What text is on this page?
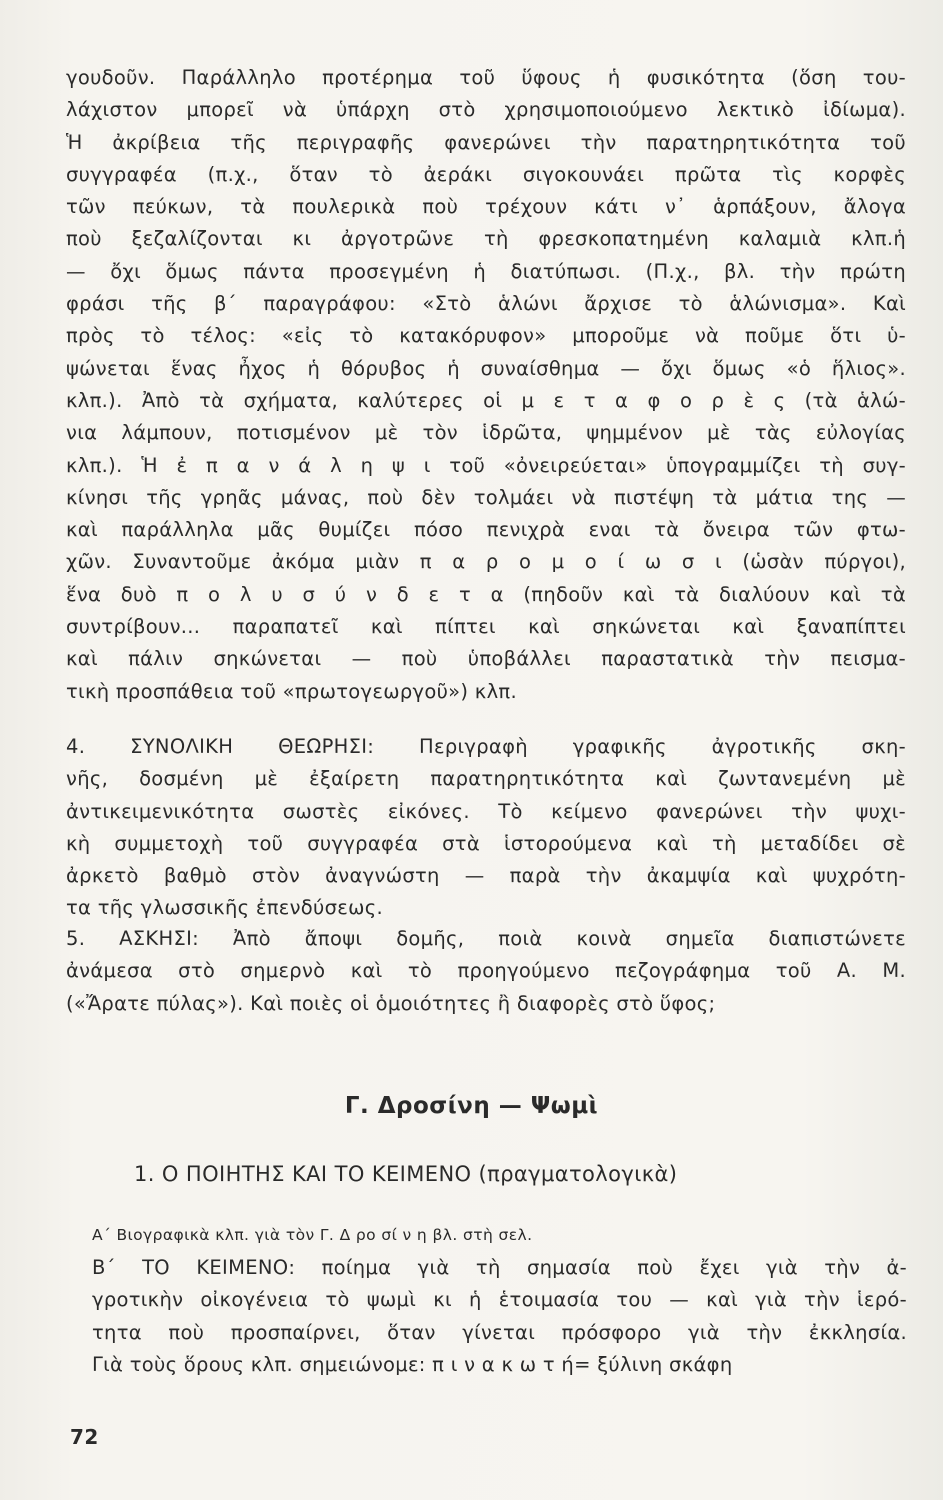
γουδοῦν. Παράλληλο προτέρημα τοῦ ὕφους ἡ φυσικότητα (ὅση του-
λάχιστον μπορεῖ νὰ ὑπάρχη στὸ χρησιμοποιούμενο λεκτικὸ ἰδίωμα).
Ἡ ἀκρίβεια τῆς περιγραφῆς φανερώνει τὴν παρατηρητικότητα τοῦ
συγγραφέα (π.χ., ὅταν τὸ ἀεράκι σιγοκουνάει πρῶτα τὶς κορφὲς
τῶν πεύκων, τὰ πουλερικὰ ποὺ τρέχουν κάτι ν᾽ ἁρπάξουν, ἄλογα
ποὺ ξεζαλίζονται κι ἀργοτρῶνε τὴ φρεσκοπατημένη καλαμιὰ κλπ.ἡ
— ὄχι ὅμως πάντα προσεγμένη ἡ διατύπωσι. (Π.χ., βλ. τὴν πρώτη
φράσι τῆς β΄ παραγράφου: «Στὸ ἁλώνι ἄρχισε τὸ ἁλώνισμα». Καὶ
πρὸς τὸ τέλος: «εἰς τὸ κατακόρυφον» μποροῦμε νὰ ποῦμε ὅτι ὑ-
ψώνεται ἕνας ἦχος ἡ θόρυβος ἡ συναίσθημα — ὄχι ὅμως «ὁ ἥλιος».
κλπ.). Ἀπὸ τὰ σχήματα, καλύτερες οἱ μ ε τ α φ ο ρ ὲ ς (τὰ ἁλώ-
νια λάμπουν, ποτισμένον μὲ τὸν ἱδρῶτα, ψημμένον μὲ τὰς εὐλογίας
κλπ.). Ἡ ἐ π α ν ά λ η ψ ι τοῦ «ὀνειρεύεται» ὑπογραμμίζει τὴ συγ-
κίνησι τῆς γρηᾶς μάνας, ποὺ δὲν τολμάει νὰ πιστέψη τὰ μάτια της —
καὶ παράλληλα μᾶς θυμίζει πόσο πενιχρὰ εναι τὰ ὄνειρα τῶν φτω-
χῶν. Συναντοῦμε ἀκόμα μιὰν π α ρ ο μ ο ί ω σ ι (ὡσὰν πύργοι),
ἕνα δυὸ π ο λ υ σ ύ ν δ ε τ α (πηδοῦν καὶ τὰ διαλύουν καὶ τὰ
συντρίβουν... παραπατεῖ καὶ πίπτει καὶ σηκώνεται καὶ ξαναπίπτει
καὶ πάλιν σηκώνεται — ποὺ ὑποβάλλει παραστατικὰ τὴν πεισμα-
τικὴ προσπάθεια τοῦ «πρωτογεωργοῦ») κλπ.
4. ΣΥΝΟΛΙΚΗ ΘΕΩΡΗΣΙ: Περιγραφὴ γραφικῆς ἀγροτικῆς σκη-
νῆς, δοσμένη μὲ ἐξαίρετη παρατηρητικότητα καὶ ζωντανεμένη μὲ
ἀντικειμενικότητα σωστὲς εἰκόνες. Τὸ κείμενο φανερώνει τὴν ψυχι-
κὴ συμμετοχὴ τοῦ συγγραφέα στὰ ἱστορούμενα καὶ τὴ μεταδίδει σὲ
ἀρκετὸ βαθμὸ στὸν ἀναγνώστη — παρὰ τὴν ἀκαμψία καὶ ψυχρότη-
τα τῆς γλωσσικῆς ἐπενδύσεως.
5. ΑΣΚΗΣΙ: Ἀπὸ ἄποψι δομῆς, ποιὰ κοινὰ σημεῖα διαπιστώνετε
ἀνάμεσα στὸ σημερνὸ καὶ τὸ προηγούμενο πεζογράφημα τοῦ Α. Μ.
(«Ἄρατε πύλας»). Καὶ ποιὲς οἱ ὁμοιότητες ἢ διαφορὲς στὸ ὕφος;
Γ. Δροσίνη — Ψωμὶ
1. Ο ΠΟΙΗΤΗΣ ΚΑΙ ΤΟ ΚΕΙΜΕΝΟ (πραγματολογικὰ)
Α΄ Βιογραφικὰ κλπ. γιὰ τὸν Γ. Δ ρο σί ν η βλ. στὴ σελ.
Β΄ ΤΟ ΚΕΙΜΕΝΟ: ποίημα γιὰ τὴ σημασία ποὺ ἔχει γιὰ τὴν ἀ-
γροτικὴν οἰκογένεια τὸ ψωμὶ κι ἡ ἑτοιμασία του — καὶ γιὰ τὴν ἱερό-
τητα ποὺ προσπαίρνει, ὅταν γίνεται πρόσφορο γιὰ τὴν ἐκκλησία.
Γιὰ τοὺς ὅρους κλπ. σημειώνομε: π ι ν α κ ω τ ή= ξύλινη σκάφη
72
